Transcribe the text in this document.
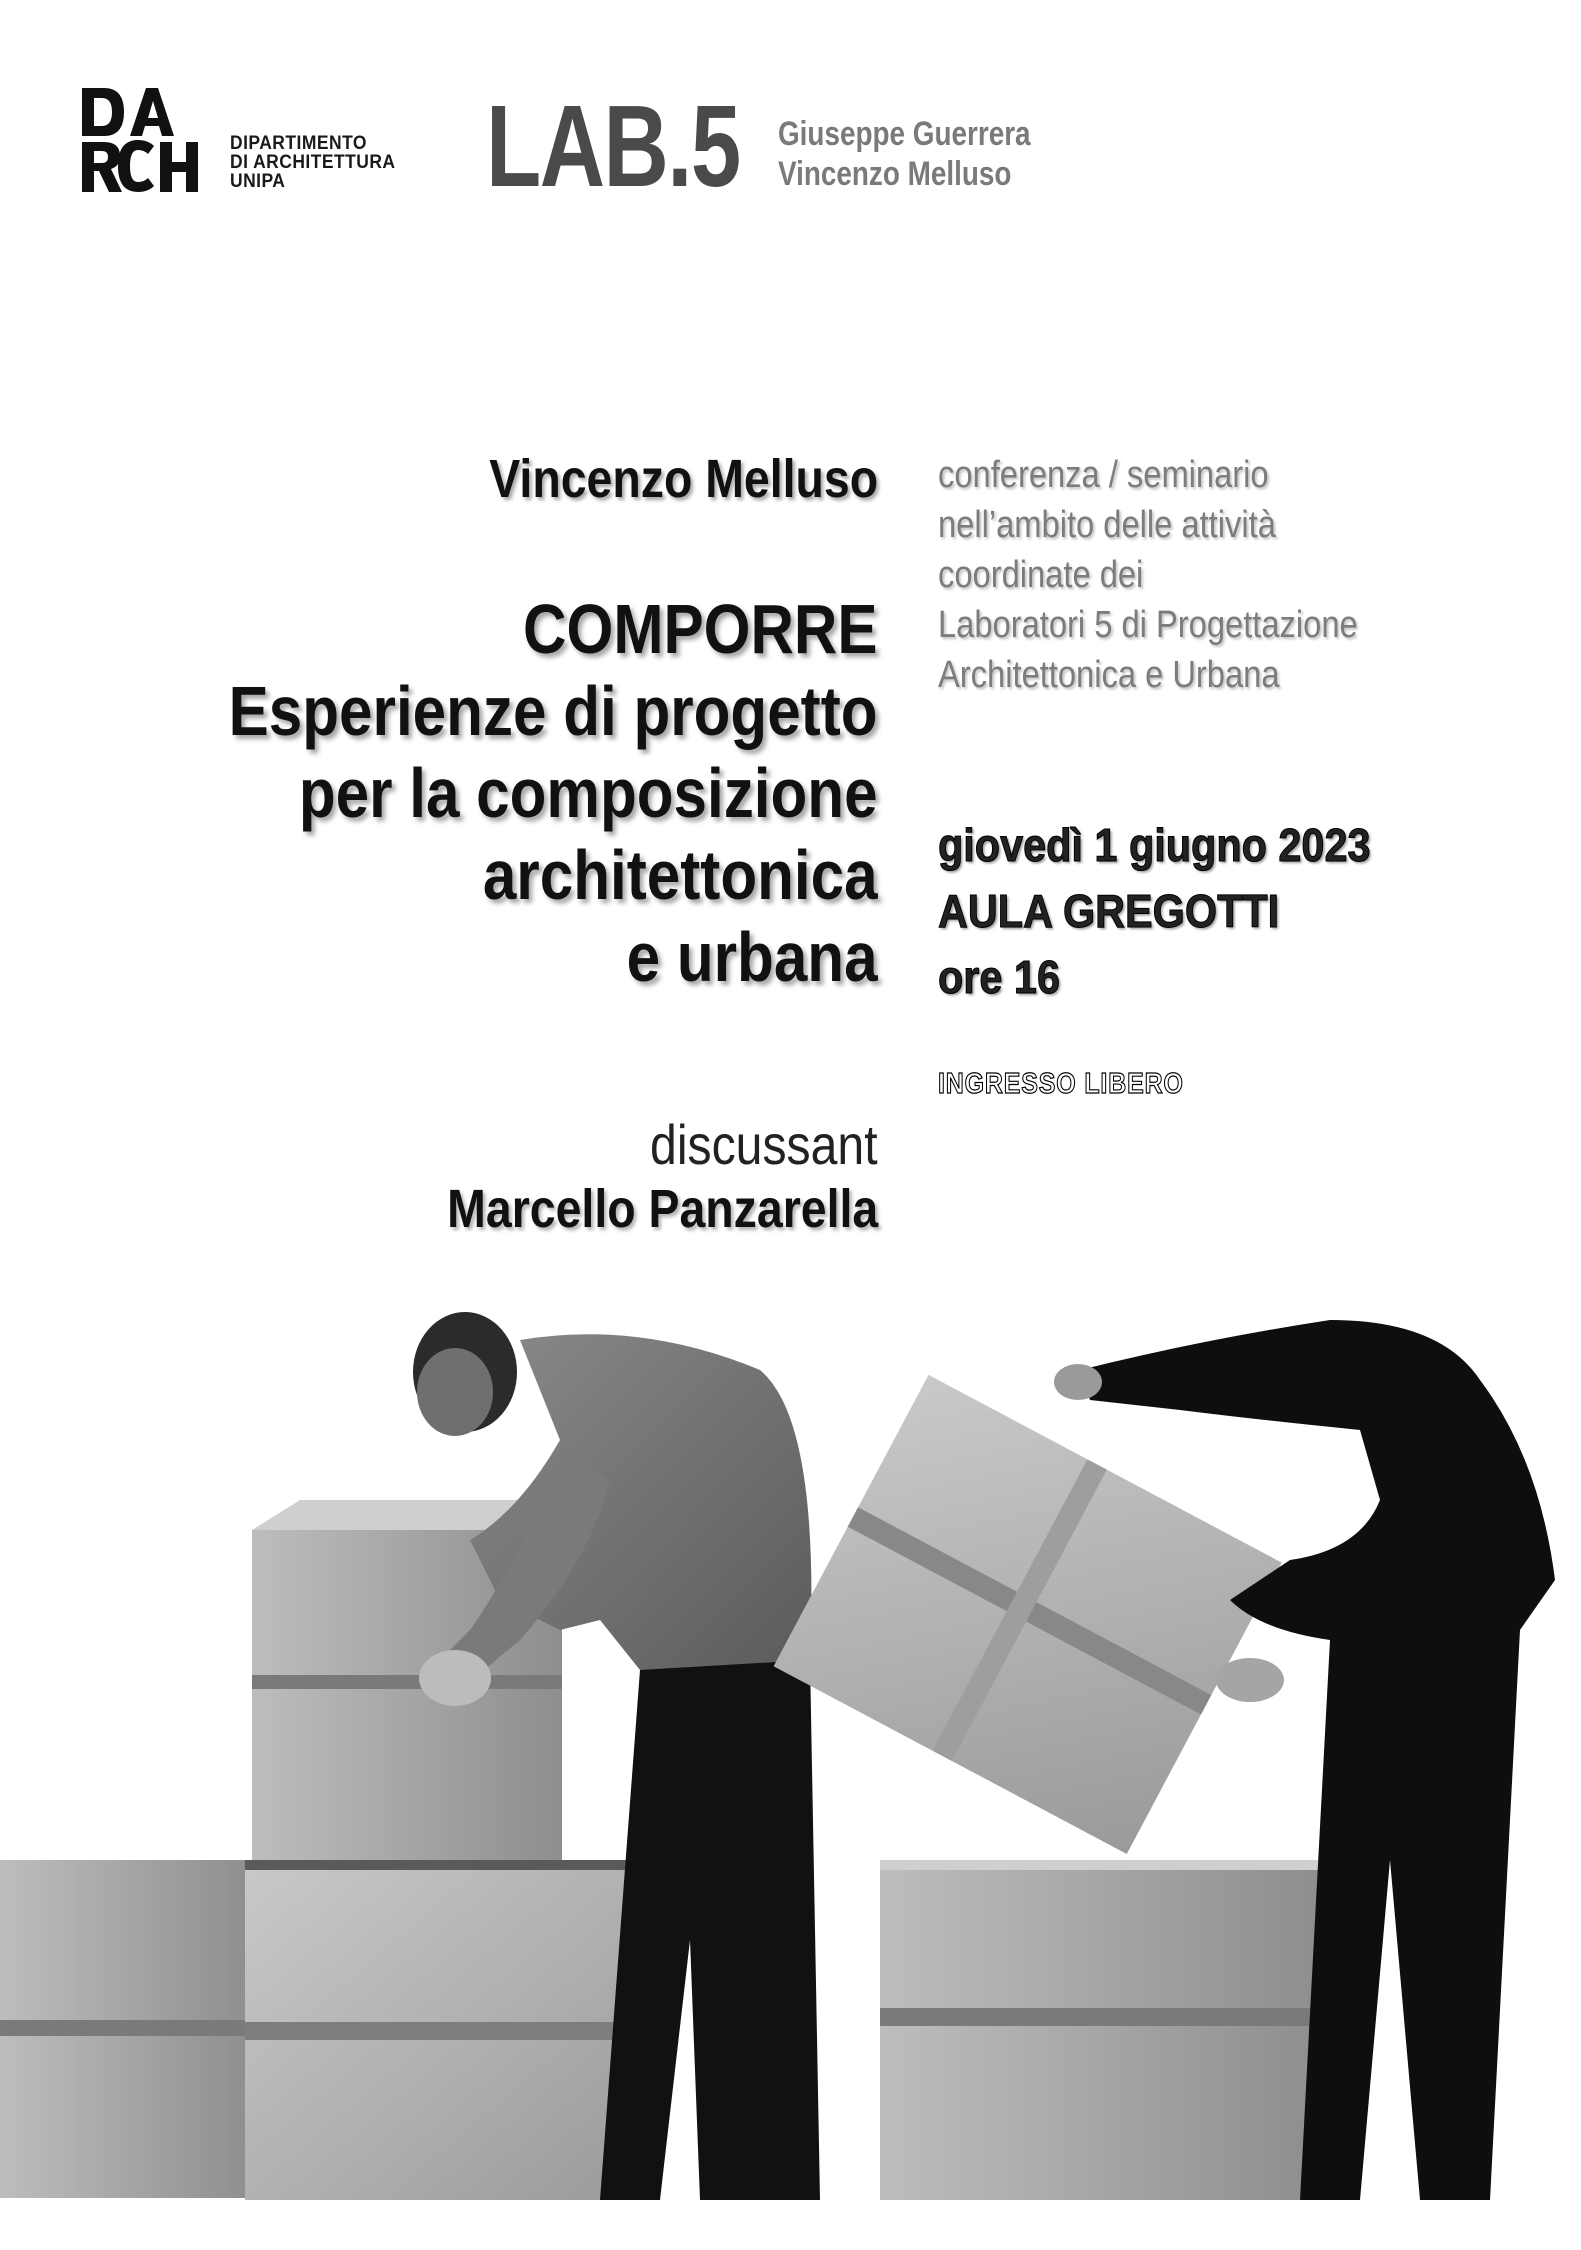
DIPARTIMENTO
DI ARCHITETTURA
UNIPA	LAB.5 Giuseppe Guerrera
Vincenzo Melluso
Vincenzo Melluso
COMPORRE
Esperienze di progetto
per la composizione
architettonica
e urbana
discussant
Marcello Panzarella
conferenza / seminario
nell’ambito delle attività
coordinate dei
Laboratori 5 di Progettazione
Architettonica e Urbana
giovedì 1 giugno 2023
AULA GREGOTTI
ore 16
INGRESSO LIBERO
